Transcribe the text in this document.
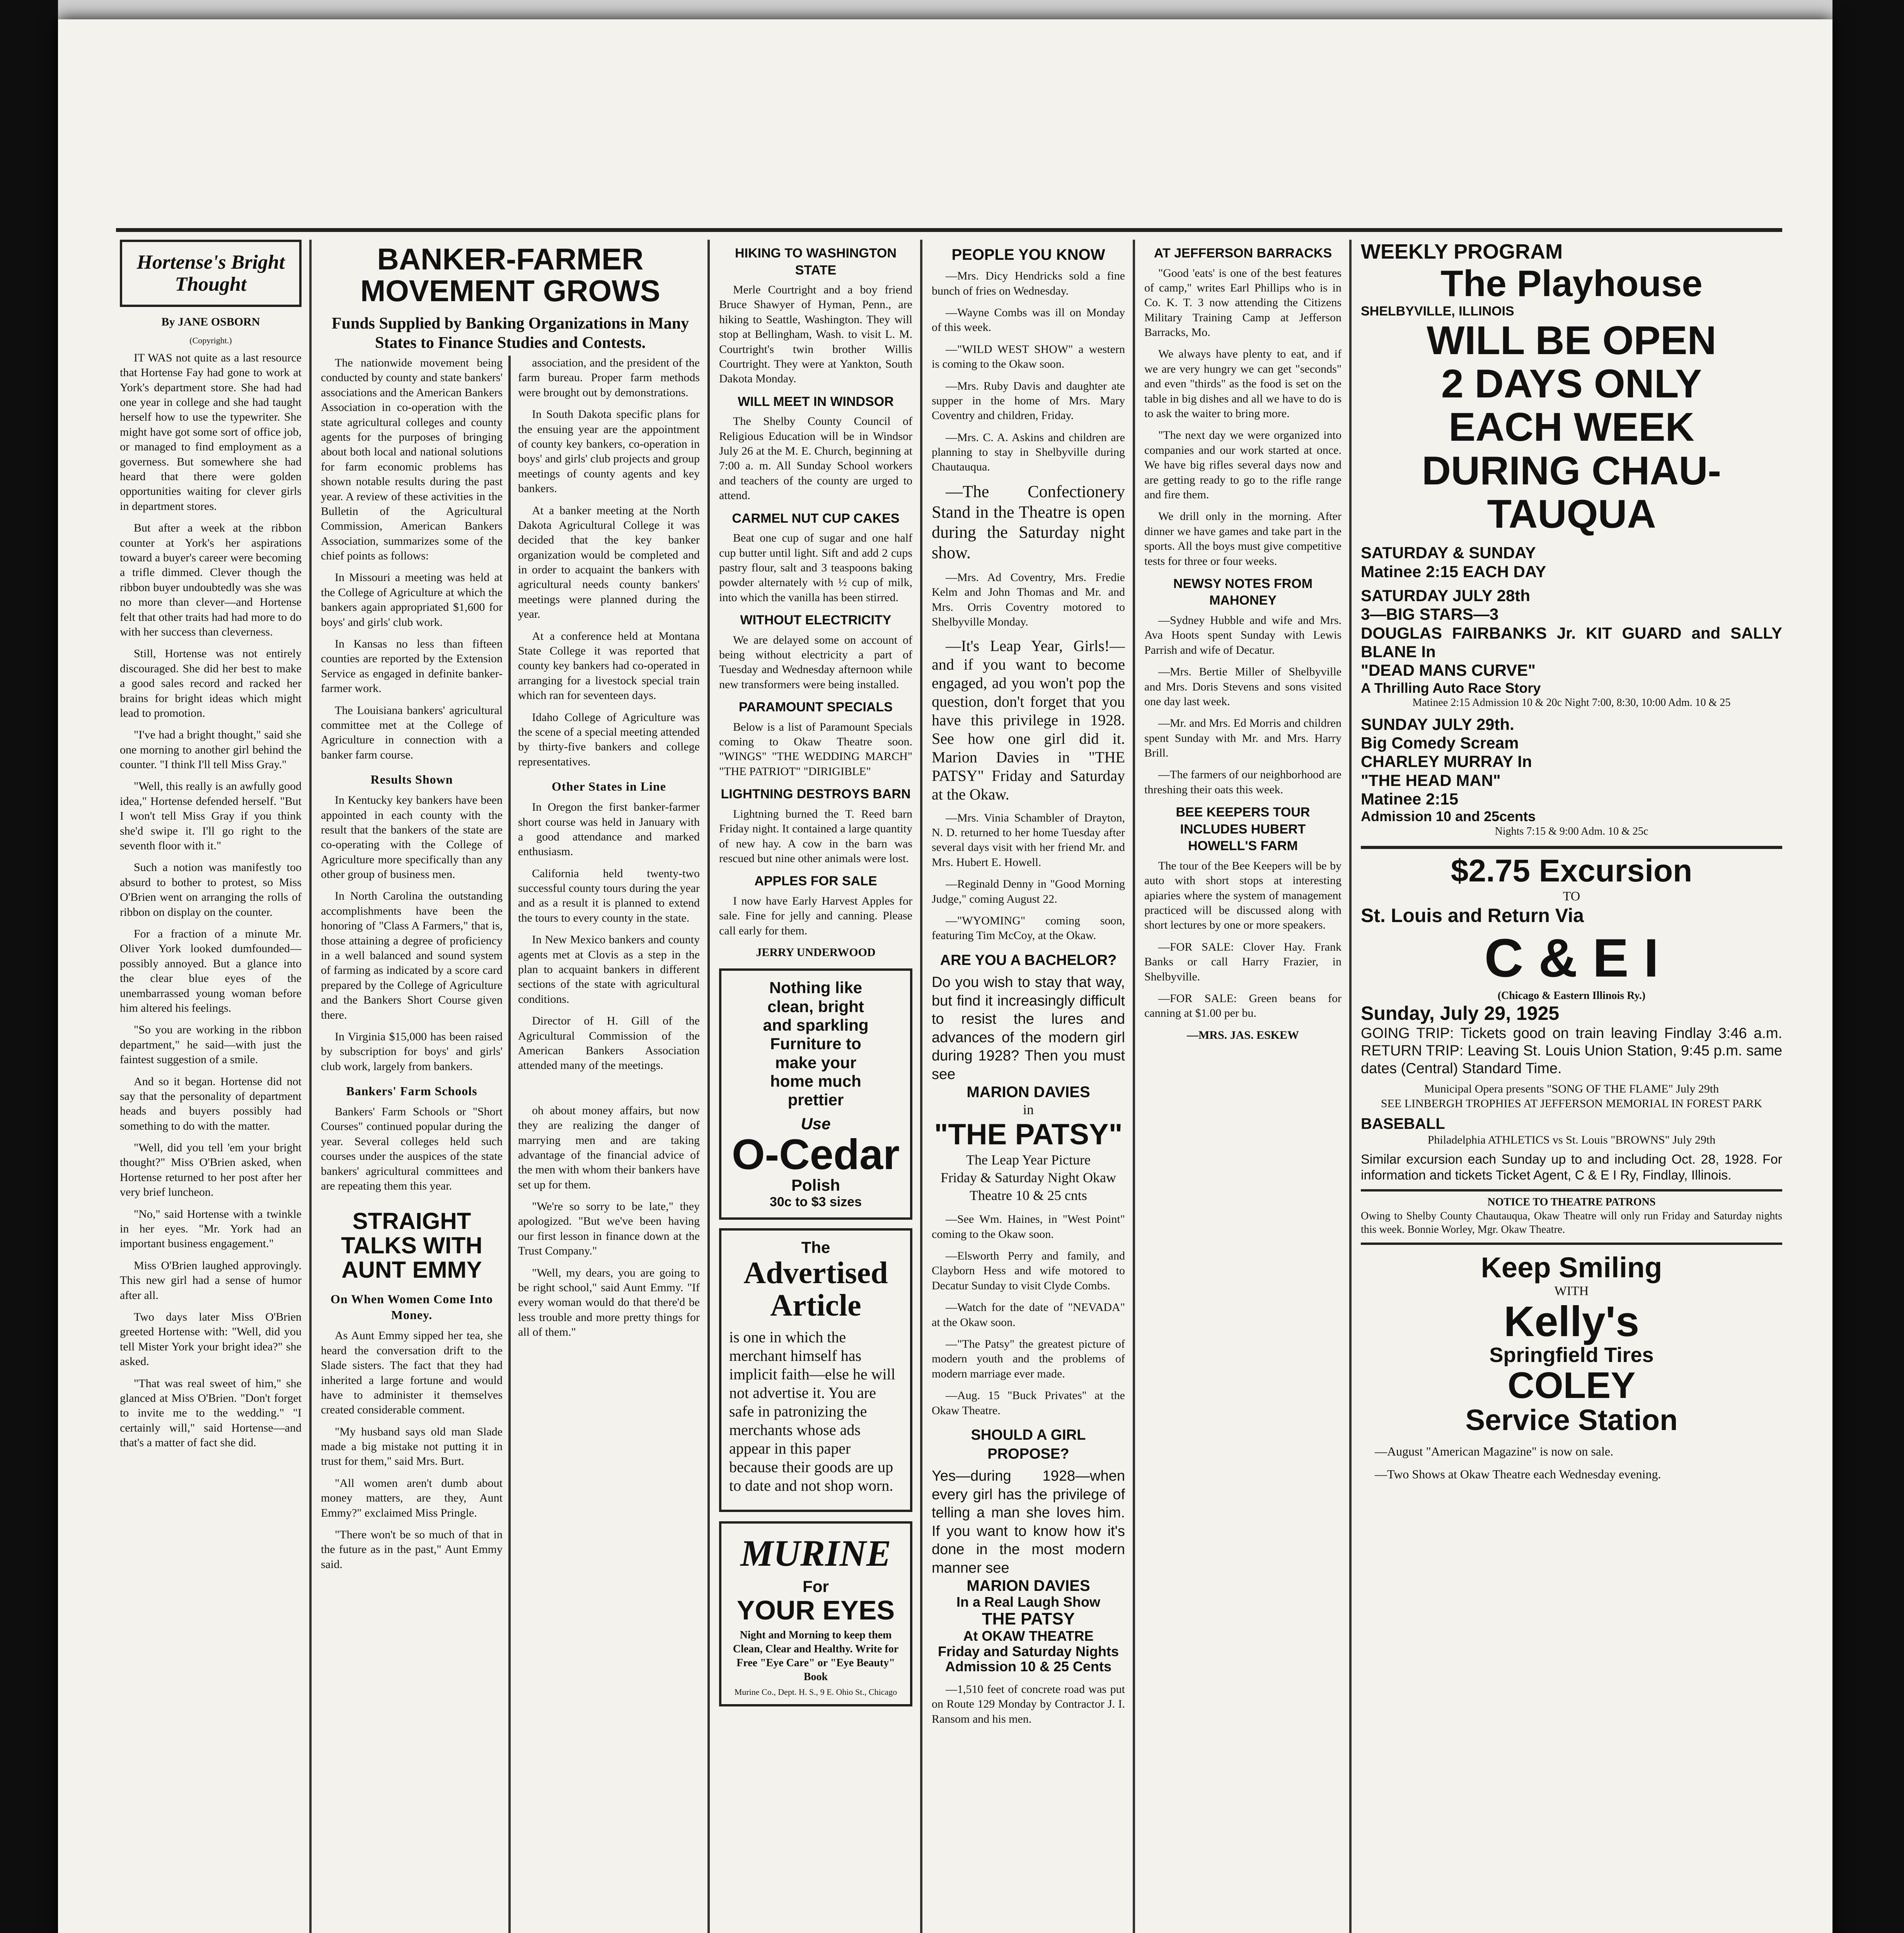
Hortense's Bright Thought
By JANE OSBORN
(Copyright.)

IT WAS not quite as a last resource that Hortense Fay had gone to work at York's department store. She had had one year in college and she had taught herself how to use the typewriter. She might have got some sort of office job, or managed to find employment as a governess. But somewhere she had heard that there were golden opportunities waiting for clever girls in department stores.

But after a week at the ribbon counter at York's her aspirations toward a buyer's career were becoming a trifle dimmed. Clever though the ribbon buyer undoubtedly was she was no more than clever—and Hortense felt that other traits had had more to do with her success than cleverness.

Still, Hortense was not entirely discouraged. She did her best to make a good sales record and racked her brains for bright ideas which might lead to promotion.

"I've had a bright thought," said she one morning to another girl behind the counter. "I think I'll tell Miss Gray."

"Well, this really is an awfully good idea," Hortense defended herself. "But I won't tell Miss Gray if you think she'd swipe it. I'll go right to the seventh floor with it."

Such a notion was manifestly too absurd to bother to protest, so Miss O'Brien went on arranging the rolls of ribbon on display on the counter.

For a fraction of a minute Mr. Oliver York looked dumfounded—possibly annoyed. But a glance into the clear blue eyes of the unembarrassed young woman before him altered his feelings.

"So you are working in the ribbon department," he said—with just the faintest suggestion of a smile.

And so it began. Hortense did not say that the personality of department heads and buyers possibly had something to do with the matter.

"Well, did you tell 'em your bright thought?" Miss O'Brien asked, when Hortense returned to her post after her very brief luncheon.

"No," said Hortense with a twinkle in her eyes. "Mr. York had an important business engagement."

Miss O'Brien laughed approvingly. This new girl had a sense of humor after all.

Two days later Miss O'Brien greeted Hortense with: "Well, did you tell Mister York your bright idea?" she asked.

"That was real sweet of him," she glanced at Miss O'Brien. "Don't forget to invite me to the wedding." "I certainly will," said Hortense—and that's a matter of fact she did.

BANKER-FARMER MOVEMENT GROWS
Funds Supplied by Banking Organizations in Many States to Finance Studies and Contests.

The nationwide movement being conducted by county and state bankers' associations and the American Bankers Association in co-operation with the state agricultural colleges and county agents for the purposes of bringing about both local and national solutions for farm economic problems has shown notable results during the past year. A review of these activities in the Bulletin of the Agricultural Commission, American Bankers Association, summarizes some of the chief points as follows:

In Missouri a meeting was held at the College of Agriculture at which the bankers again appropriated $1,600 for boys' and girls' club work.

In Kansas no less than fifteen counties are reported by the Extension Service as engaged in definite banker-farmer work.

The Louisiana bankers' agricultural committee met at the College of Agriculture in connection with a banker farm course.

Results Shown

In Kentucky key bankers have been appointed in each county with the result that the bankers of the state are co-operating with the College of Agriculture more specifically than any other group of business men.

In North Carolina the outstanding accomplishments have been the honoring of "Class A Farmers," that is, those attaining a degree of proficiency in a well balanced and sound system of farming as indicated by a score card prepared by the College of Agriculture and the Bankers Short Course given there.

In Virginia $15,000 has been raised by subscription for boys' and girls' club work, largely from bankers.

Bankers' Farm Schools

Bankers' Farm Schools or "Short Courses" continued popular during the year. Several colleges held such courses under the auspices of the state bankers' agricultural committees and are repeating them this year.

STRAIGHT TALKS WITH AUNT EMMY
On When Women Come Into Money.

As Aunt Emmy sipped her tea, she heard the conversation drift to the Slade sisters. The fact that they had inherited a large fortune and would have to administer it themselves created considerable comment.

"My husband says old man Slade made a big mistake not putting it in trust for them," said Mrs. Burt.

"All women aren't dumb about money matters, are they, Aunt Emmy?" exclaimed Miss Pringle.

"There won't be so much of that in the future as in the past," Aunt Emmy said.

association, and the president of the farm bureau. Proper farm methods were brought out by demonstrations.

In South Dakota specific plans for the ensuing year are the appointment of county key bankers, co-operation in boys' and girls' club projects and group meetings of county agents and key bankers.

At a banker meeting at the North Dakota Agricultural College it was decided that the key banker organization would be completed and in order to acquaint the bankers with agricultural needs county bankers' meetings were planned during the year.

At a conference held at Montana State College it was reported that county key bankers had co-operated in arranging for a livestock special train which ran for seventeen days.

Idaho College of Agriculture was the scene of a special meeting attended by thirty-five bankers and college representatives.

Other States in Line

In Oregon the first banker-farmer short course was held in January with a good attendance and marked enthusiasm.

California held twenty-two successful county tours during the year and as a result it is planned to extend the tours to every county in the state.

In New Mexico bankers and county agents met at Clovis as a step in the plan to acquaint bankers in different sections of the state with agricultural conditions.

Director of H. Gill of the Agricultural Commission of the American Bankers Association attended many of the meetings.

oh about money affairs, but now they are realizing the danger of marrying men and are taking advantage of the financial advice of the men with whom their bankers have set up for them.

"We're so sorry to be late," they apologized. "But we've been having our first lesson in finance down at the Trust Company."

"Well, my dears, you are going to be right school," said Aunt Emmy. "If every woman would do that there'd be less trouble and more pretty things for all of them."

HIKING TO WASHINGTON STATE

Merle Courtright and a boy friend Bruce Shawyer of Hyman, Penn., are hiking to Seattle, Washington. They will stop at Bellingham, Wash. to visit L. M. Courtright's twin brother Willis Courtright. They were at Yankton, South Dakota Monday.

WILL MEET IN WINDSOR

The Shelby County Council of Religious Education will be in Windsor July 26 at the M. E. Church, beginning at 7:00 a. m. All Sunday School workers and teachers of the county are urged to attend.

CARMEL NUT CUP CAKES

Beat one cup of sugar and one half cup butter until light. Sift and add 2 cups pastry flour, salt and 3 teaspoons baking powder alternately with ½ cup of milk, into which the vanilla has been stirred.

WITHOUT ELECTRICITY

We are delayed some on account of being without electricity a part of Tuesday and Wednesday afternoon while new transformers were being installed.

PARAMOUNT SPECIALS

Below is a list of Paramount Specials coming to Okaw Theatre soon. "WINGS" "THE WEDDING MARCH" "THE PATRIOT" "DIRIGIBLE"

LIGHTNING DESTROYS BARN

Lightning burned the T. Reed barn Friday night. It contained a large quantity of new hay. A cow in the barn was rescued but nine other animals were lost.

APPLES FOR SALE

I now have Early Harvest Apples for sale. Fine for jelly and canning. Please call early for them.

JERRY UNDERWOOD
Nothing like
clean, bright
and sparkling
Furniture to
make your
home much
prettier
Use
O-Cedar
Polish
30c to $3 sizes
The
Advertised Article

is one in which the merchant himself has implicit faith—else he will not advertise it. You are safe in patronizing the merchants whose ads appear in this paper because their goods are up to date and not shop worn.

MURINE
For
YOUR EYES
Night and Morning to keep them Clean, Clear and Healthy. Write for Free "Eye Care" or "Eye Beauty" Book
Murine Co., Dept. H. S., 9 E. Ohio St., Chicago
PEOPLE YOU KNOW

—Mrs. Dicy Hendricks sold a fine bunch of fries on Wednesday.

—Wayne Combs was ill on Monday of this week.

—"WILD WEST SHOW" a western is coming to the Okaw soon.

—Mrs. Ruby Davis and daughter ate supper in the home of Mrs. Mary Coventry and children, Friday.

—Mrs. C. A. Askins and children are planning to stay in Shelbyville during Chautauqua.

—The Confectionery Stand in the Theatre is open during the Saturday night show.

—Mrs. Ad Coventry, Mrs. Fredie Kelm and John Thomas and Mr. and Mrs. Orris Coventry motored to Shelbyville Monday.

—It's Leap Year, Girls!—and if you want to become engaged, ad you won't pop the question, don't forget that you have this privilege in 1928. See how one girl did it. Marion Davies in "THE PATSY" Friday and Saturday at the Okaw.

—Mrs. Vinia Schambler of Drayton, N. D. returned to her home Tuesday after several days visit with her friend Mr. and Mrs. Hubert E. Howell.

—Reginald Denny in "Good Morning Judge," coming August 22.

—"WYOMING" coming soon, featuring Tim McCoy, at the Okaw.

ARE YOU A BACHELOR?
Do you wish to stay that way, but find it increasingly difficult to resist the lures and advances of the modern girl during 1928? Then you must see
MARION DAVIES
in
"THE PATSY"
The Leap Year Picture
Friday & Saturday Night Okaw Theatre 10 & 25 cnts

—See Wm. Haines, in "West Point" coming to the Okaw soon.

—Elsworth Perry and family, and Clayborn Hess and wife motored to Decatur Sunday to visit Clyde Combs.

—Watch for the date of "NEVADA" at the Okaw soon.

—"The Patsy" the greatest picture of modern youth and the problems of modern marriage ever made.

—Aug. 15 "Buck Privates" at the Okaw Theatre.

SHOULD A GIRL PROPOSE?
Yes—during 1928—when every girl has the privilege of telling a man she loves him. If you want to know how it's done in the most modern manner see
MARION DAVIES
In a Real Laugh Show
THE PATSY
At OKAW THEATRE
Friday and Saturday Nights
Admission 10 & 25 Cents

—1,510 feet of concrete road was put on Route 129 Monday by Contractor J. I. Ransom and his men.

AT JEFFERSON BARRACKS

"Good 'eats' is one of the best features of camp," writes Earl Phillips who is in Co. K. T. 3 now attending the Citizens Military Training Camp at Jefferson Barracks, Mo.

We always have plenty to eat, and if we are very hungry we can get "seconds" and even "thirds" as the food is set on the table in big dishes and all we have to do is to ask the waiter to bring more.

"The next day we were organized into companies and our work started at once. We have big rifles several days now and are getting ready to go to the rifle range and fire them.

We drill only in the morning. After dinner we have games and take part in the sports. All the boys must give competitive tests for three or four weeks.

NEWSY NOTES FROM MAHONEY

—Sydney Hubble and wife and Mrs. Ava Hoots spent Sunday with Lewis Parrish and wife of Decatur.

—Mrs. Bertie Miller of Shelbyville and Mrs. Doris Stevens and sons visited one day last week.

—Mr. and Mrs. Ed Morris and children spent Sunday with Mr. and Mrs. Harry Brill.

—The farmers of our neighborhood are threshing their oats this week.

BEE KEEPERS TOUR INCLUDES HUBERT HOWELL'S FARM

The tour of the Bee Keepers will be by auto with short stops at interesting apiaries where the system of management practiced will be discussed along with short lectures by one or more speakers.

—FOR SALE: Clover Hay. Frank Banks or call Harry Frazier, in Shelbyville.

—FOR SALE: Green beans for canning at $1.00 per bu.

—MRS. JAS. ESKEW
WEEKLY PROGRAM
The Playhouse
SHELBYVILLE, ILLINOIS
WILL BE OPEN
2 DAYS ONLY
EACH WEEK
DURING CHAU-
TAUQUA
SATURDAY & SUNDAY
Matinee 2:15 EACH DAY
SATURDAY JULY 28th
3—BIG STARS—3
DOUGLAS FAIRBANKS Jr. KIT GUARD and SALLY BLANE In
"DEAD MANS CURVE"
A Thrilling Auto Race Story
Matinee 2:15 Admission 10 & 20c Night 7:00, 8:30, 10:00 Adm. 10 & 25
SUNDAY JULY 29th.
Big Comedy Scream
CHARLEY MURRAY In
"THE HEAD MAN"
Matinee 2:15
Admission 10 and 25cents
Nights 7:15 & 9:00 Adm. 10 & 25c
$2.75 Excursion
TO
St. Louis and Return Via
C & E I
(Chicago & Eastern Illinois Ry.)
Sunday, July 29, 1925
GOING TRIP: Tickets good on train leaving Findlay 3:46 a.m. RETURN TRIP: Leaving St. Louis Union Station, 9:45 p.m. same dates (Central) Standard Time.
Municipal Opera presents "SONG OF THE FLAME" July 29th
SEE LINBERGH TROPHIES AT JEFFERSON MEMORIAL IN FOREST PARK
BASEBALL
Philadelphia ATHLETICS vs St. Louis "BROWNS" July 29th
Similar excursion each Sunday up to and including Oct. 28, 1928. For information and tickets Ticket Agent, C & E I Ry, Findlay, Illinois.
NOTICE TO THEATRE PATRONS
Owing to Shelby County Chautauqua, Okaw Theatre will only run Friday and Saturday nights this week. Bonnie Worley, Mgr. Okaw Theatre.
Keep Smiling
WITH
Kelly's
Springfield Tires
COLEY
Service Station

—August "American Magazine" is now on sale.

—Two Shows at Okaw Theatre each Wednesday evening.
